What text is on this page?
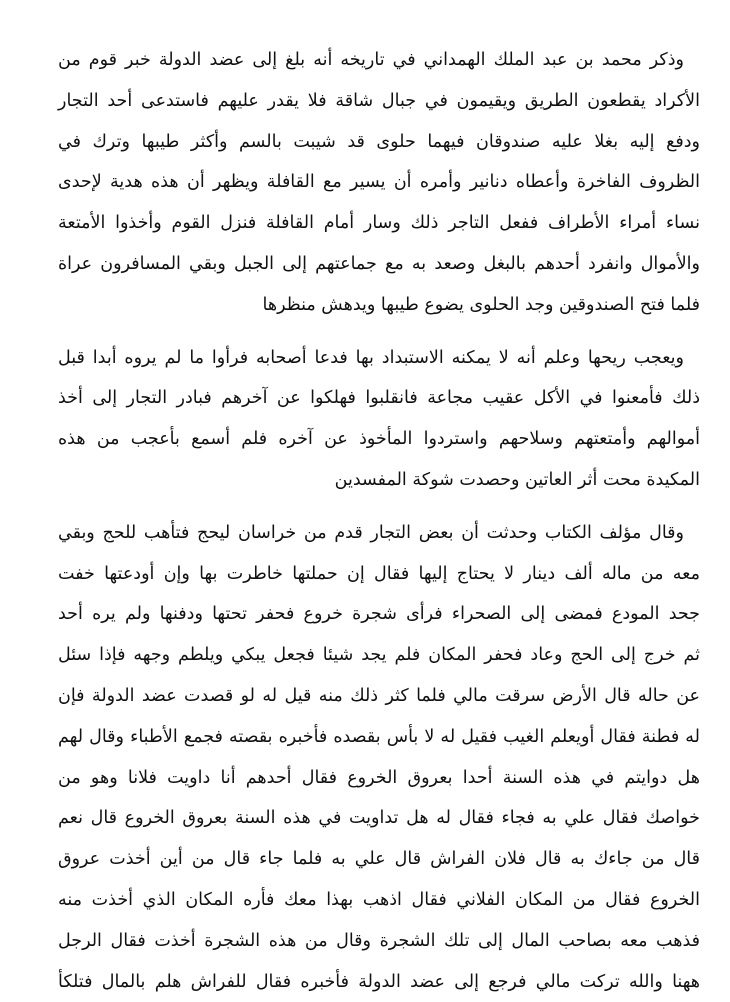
وذكر محمد بن عبد الملك الهمداني في تاريخه أنه بلغ إلى عضد الدولة خبر قوم من
الأكراد يقطعون الطريق ويقيمون في جبال شاقة فلا يقدر عليهم فاستدعى أحد التجار
ودفع إليه بغلا عليه صندوقان فيهما حلوى قد شيبت بالسم وأكثر طيبها وترك في
الظروف الفاخرة وأعطاه دنانير وأمره أن يسير مع القافلة ويظهر أن هذه هدية لإحدى
نساء أمراء الأطراف ففعل التاجر ذلك وسار أمام القافلة فنزل القوم وأخذوا الأمتعة
والأموال وانفرد أحدهم بالبغل وصعد به مع جماعتهم إلى الجبل وبقي المسافرون عراة
فلما فتح الصندوقين وجد الحلوى يضوع طيبها ويدهش منظرها
ويعجب ريحها وعلم أنه لا يمكنه الاستبداد بها فدعا أصحابه فرأوا ما لم يروه أبدا قبل
ذلك فأمعنوا في الأكل عقيب مجاعة فانقلبوا فهلكوا عن آخرهم فبادر التجار إلى أخذ
أموالهم وأمتعتهم وسلاحهم واستردوا المأخوذ عن آخره فلم أسمع بأعجب من هذه
المكيدة محت أثر العاتين وحصدت شوكة المفسدين
وقال مؤلف الكتاب وحدثت أن بعض التجار قدم من خراسان ليحج فتأهب للحج وبقي
معه من ماله ألف دينار لا يحتاج إليها فقال إن حملتها خاطرت بها وإن أودعتها خفت
جحد المودع فمضى إلى الصحراء فرأى شجرة خروع فحفر تحتها ودفنها ولم يره أحد
ثم خرج إلى الحج وعاد فحفر المكان فلم يجد شيئا فجعل يبكي ويلطم وجهه فإذا سئل
عن حاله قال الأرض سرقت مالي فلما كثر ذلك منه قيل له لو قصدت عضد الدولة فإن
له فطنة فقال أويعلم الغيب فقيل له لا بأس بقصده فأخبره بقصته فجمع الأطباء وقال لهم
هل دوايتم في هذه السنة أحدا بعروق الخروع فقال أحدهم أنا داويت فلانا وهو من
خواصك فقال علي به فجاء فقال له هل تداويت في هذه السنة بعروق الخروع قال نعم
قال من جاءك به قال فلان الفراش قال علي به فلما جاء قال من أين أخذت عروق
الخروع فقال من المكان الفلاني فقال اذهب بهذا معك فأره المكان الذي أخذت منه
فذهب معه بصاحب المال إلى تلك الشجرة وقال من هذه الشجرة أخذت فقال الرجل
ههنا والله تركت مالي فرجع إلى عضد الدولة فأخبره فقال للفراش هلم بالمال فتلكأ
